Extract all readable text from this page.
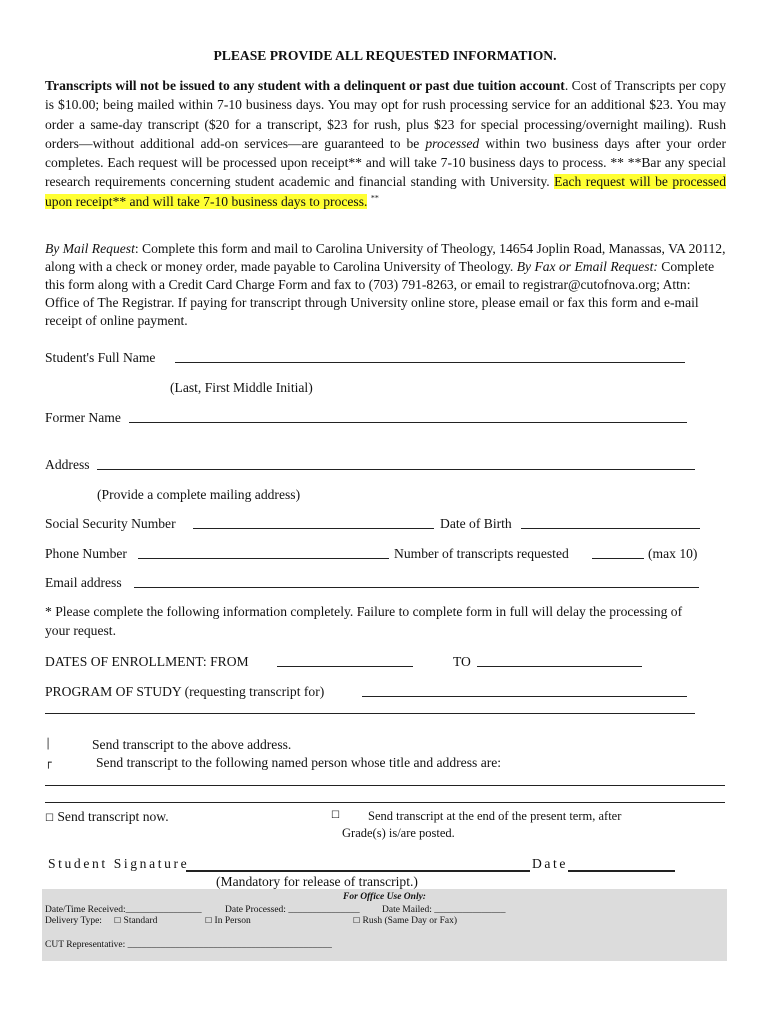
PLEASE PROVIDE ALL REQUESTED INFORMATION.
Transcripts will not be issued to any student with a delinquent or past due tuition account. Cost of Transcripts per copy is $10.00; being mailed within 7-10 business days. You may opt for rush processing service for an additional $23. You may order a same-day transcript ($20 for a transcript, $23 for rush, plus $23 for special processing/overnight mailing). Rush orders—without additional add-on services—are guaranteed to be processed within two business days after your order completes. Each request will be processed upon receipt** and will take 7-10 business days to process. ** **Bar any special research requirements concerning student academic and financial standing with University. Each request will be processed upon receipt** and will take 7-10 business days to process. **
By Mail Request: Complete this form and mail to Carolina University of Theology, 14654 Joplin Road, Manassas, VA 20112, along with a check or money order, made payable to Carolina University of Theology. By Fax or Email Request: Complete this form along with a Credit Card Charge Form and fax to (703) 791-8263, or email to registrar@cutofnova.org; Attn: Office of The Registrar. If paying for transcript through University online store, please email or fax this form and e-mail receipt of online payment.
Student's Full Name
(Last, First Middle Initial)
Former Name
Address
(Provide a complete mailing address)
Social Security Number	Date of Birth
Phone Number	Number of transcripts requested	(max 10)
Email address
* Please complete the following information completely. Failure to complete form in full will delay the processing of your request.
DATES OF ENROLLMENT: FROM	TO
PROGRAM OF STUDY (requesting transcript for)
│	Send transcript to the above address.
┌	Send transcript to the following named person whose title and address are:
☐ Send transcript now.	☐ Send transcript at the end of the present term, after
Grade(s) is/are posted.
Student Signature	Date
(Mandatory for release of transcript.)
For Office Use Only:
Date/Time Received:________________ Date Processed: _______________ Date Mailed: _______________
Delivery Type: ☐ Standard	☐ In Person	☐ Rush (Same Day or Fax)
CUT Representative: ___________________________________________
